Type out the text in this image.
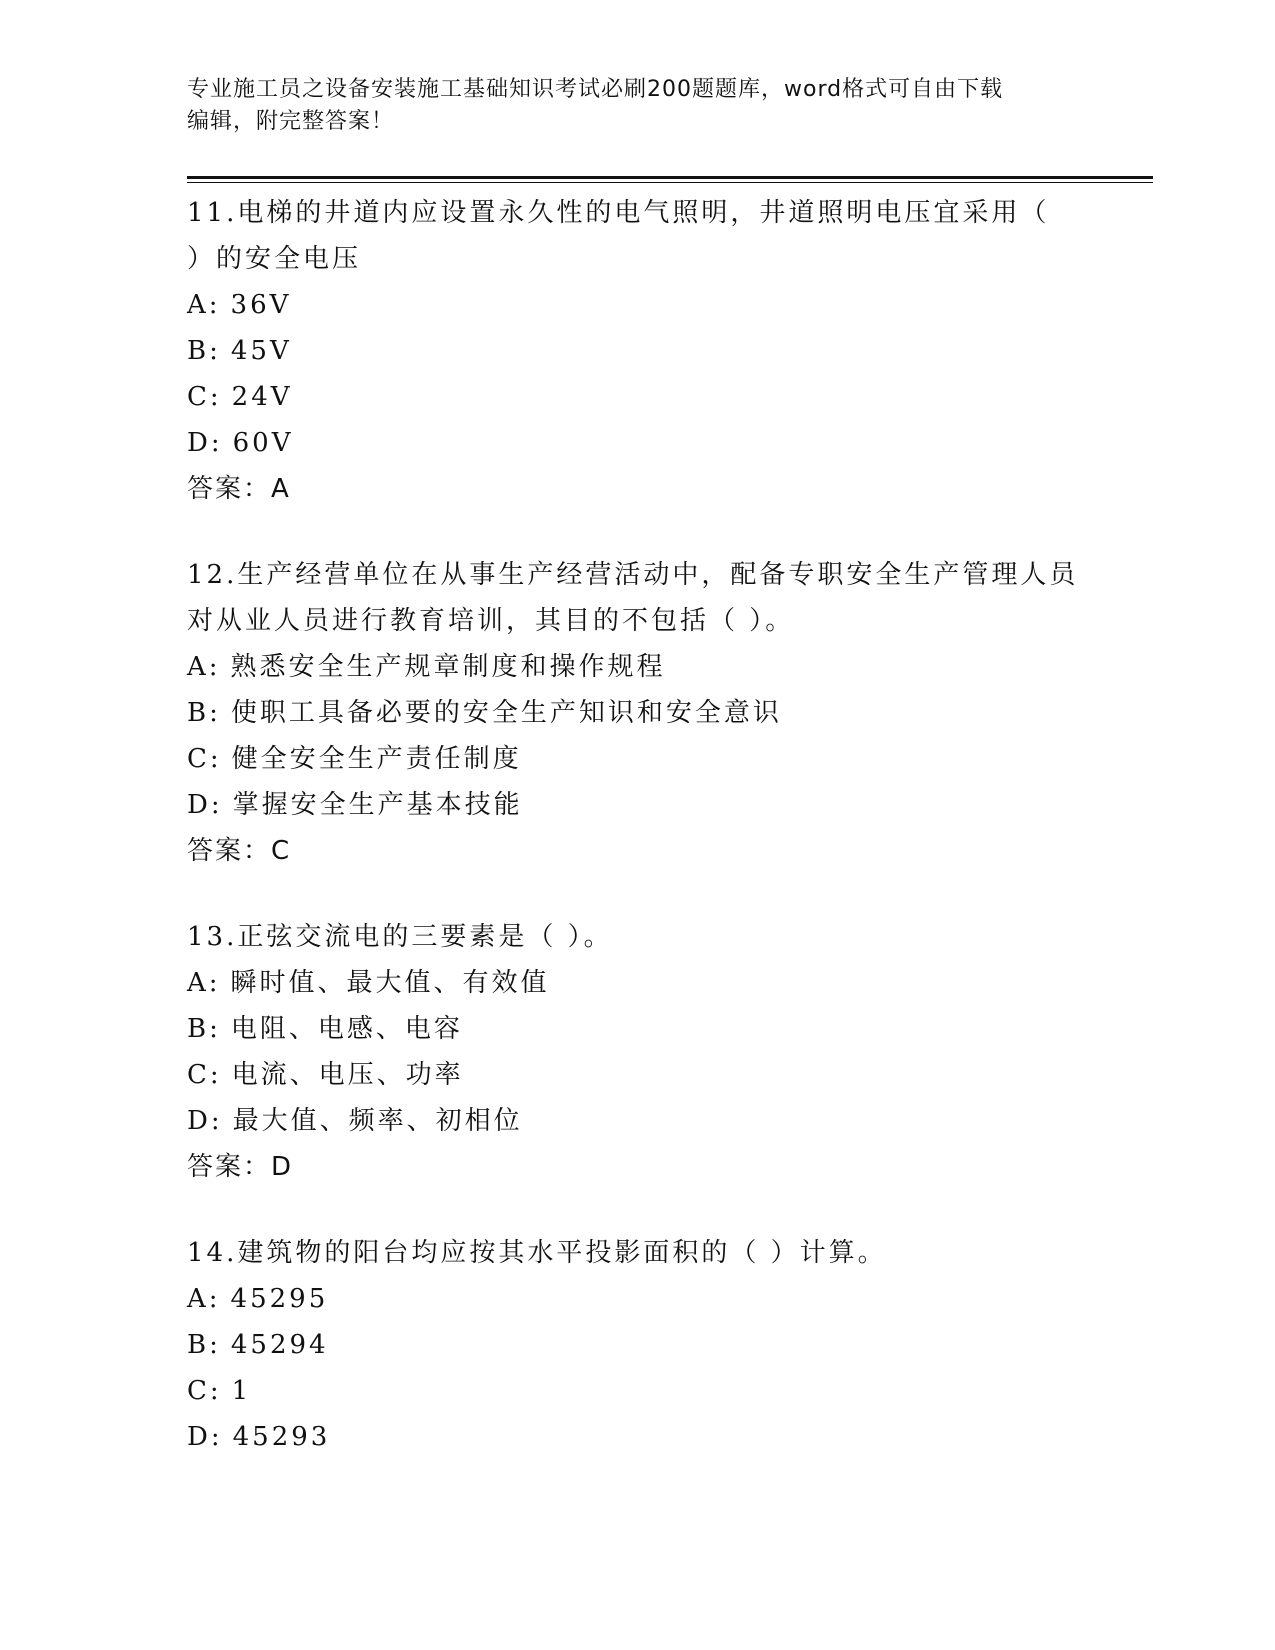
专业施工员之设备安装施工基础知识考试必刷200题题库，word格式可自由下载
编辑，附完整答案！
11.电梯的井道内应设置永久性的电气照明，井道照明电压宜采用（
）的安全电压
A: 36V
B: 45V
C: 24V
D: 60V
答案：A
12.生产经营单位在从事生产经营活动中，配备专职安全生产管理人员
对从业人员进行教育培训，其目的不包括（ ）。
A: 熟悉安全生产规章制度和操作规程
B: 使职工具备必要的安全生产知识和安全意识
C: 健全安全生产责任制度
D: 掌握安全生产基本技能
答案：C
13.正弦交流电的三要素是（ ）。
A: 瞬时值、最大值、有效值
B: 电阻、电感、电容
C: 电流、电压、功率
D: 最大值、频率、初相位
答案：D
14.建筑物的阳台均应按其水平投影面积的（ ）计算。
A: 45295
B: 45294
C: 1
D: 45293
